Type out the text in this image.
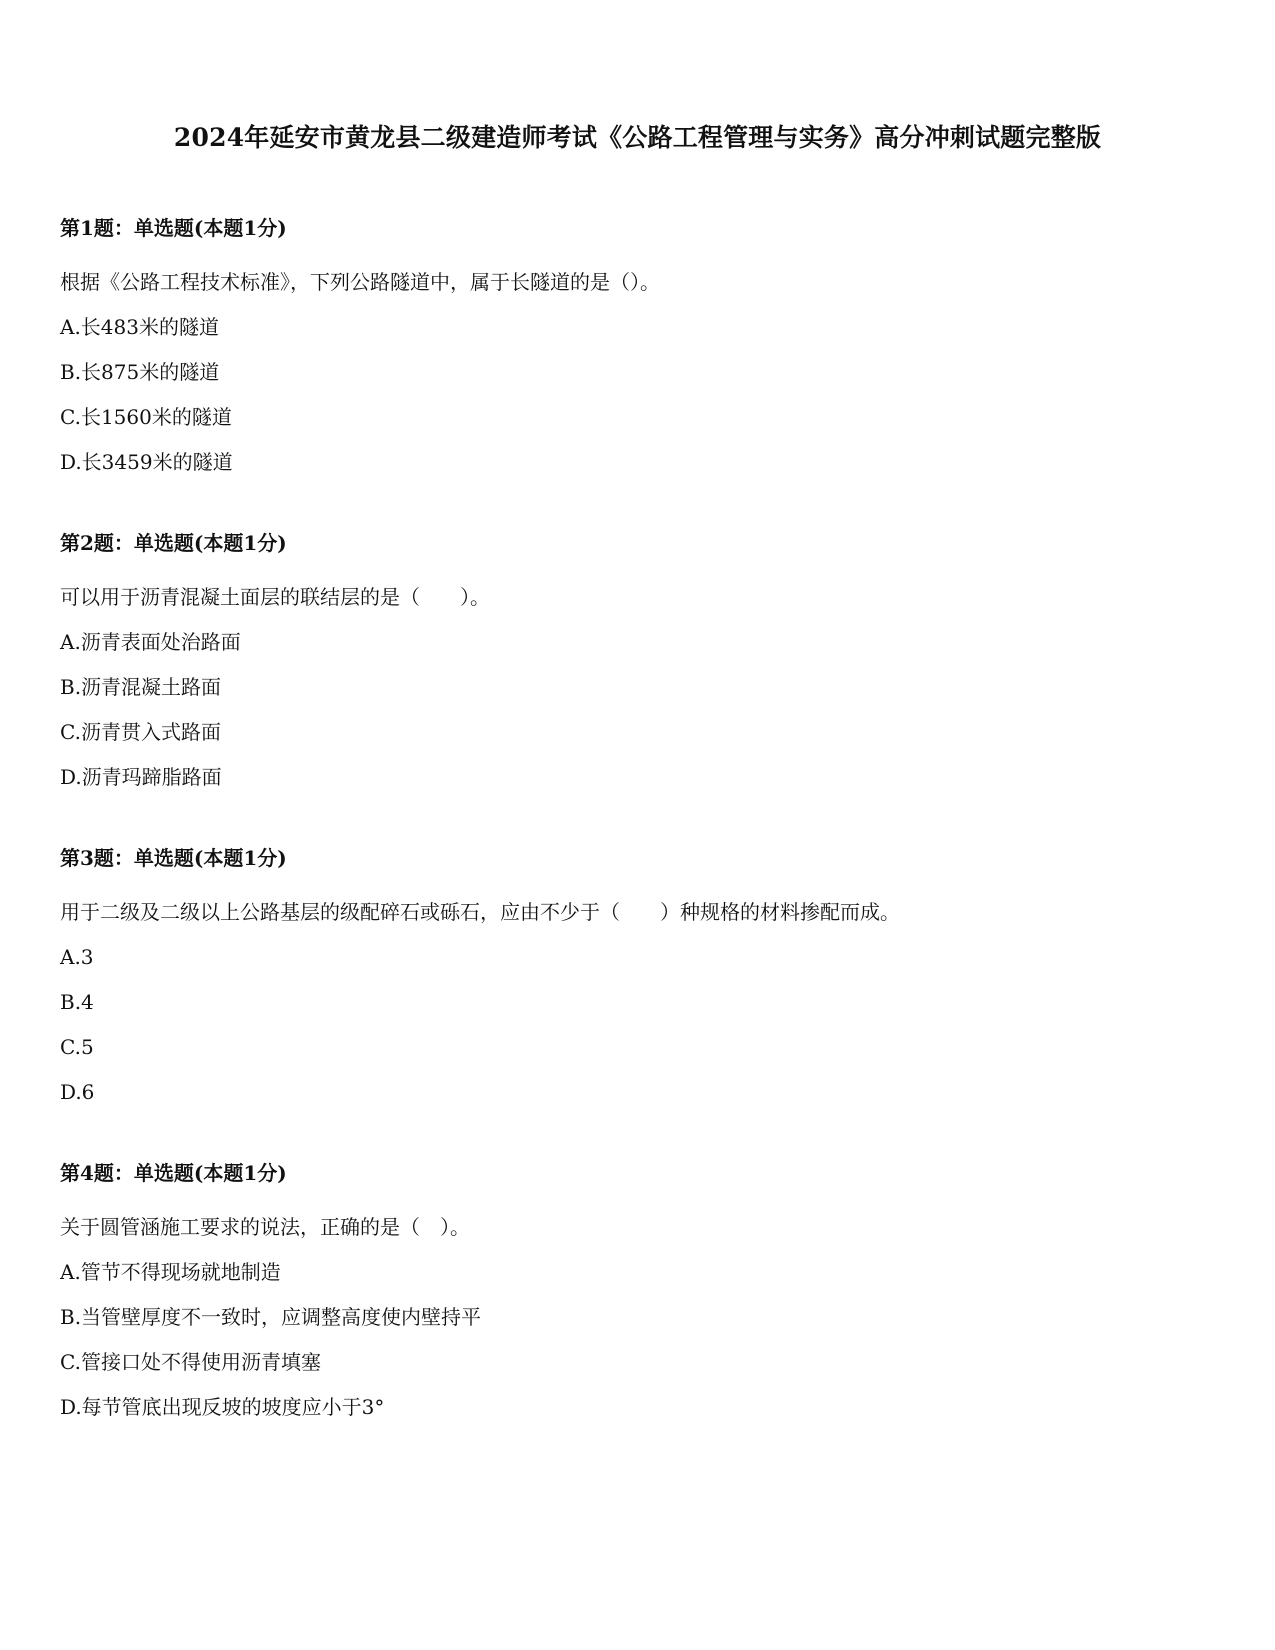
2024年延安市黄龙县二级建造师考试《公路工程管理与实务》高分冲刺试题完整版
第1题：单选题(本题1分)
根据《公路工程技术标准》，下列公路隧道中，属于长隧道的是（）。
A.长483米的隧道
B.长875米的隧道
C.长1560米的隧道
D.长3459米的隧道
第2题：单选题(本题1分)
可以用于沥青混凝土面层的联结层的是（　　）。
A.沥青表面处治路面
B.沥青混凝土路面
C.沥青贯入式路面
D.沥青玛蹄脂路面
第3题：单选题(本题1分)
用于二级及二级以上公路基层的级配碎石或砾石，应由不少于（　　）种规格的材料掺配而成。
A.3
B.4
C.5
D.6
第4题：单选题(本题1分)
关于圆管涵施工要求的说法，正确的是（　）。
A.管节不得现场就地制造
B.当管壁厚度不一致时，应调整高度使内壁持平
C.管接口处不得使用沥青填塞
D.每节管底出现反坡的坡度应小于3°
